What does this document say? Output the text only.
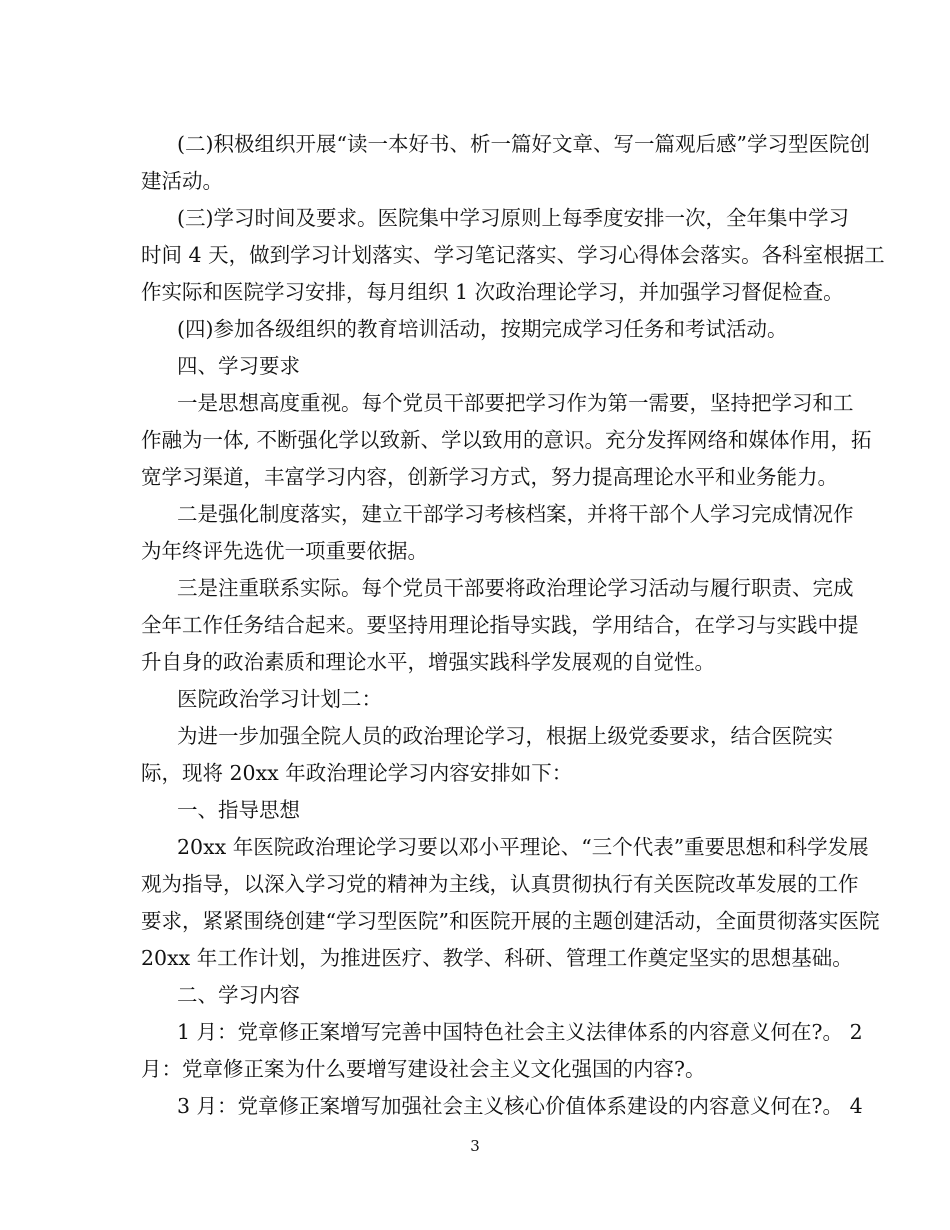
(二)积极组织开展“读一本好书、析一篇好文章、写一篇观后感”学习型医院创
建活动。
(三)学习时间及要求。医院集中学习原则上每季度安排一次，全年集中学习
时间 4 天，做到学习计划落实、学习笔记落实、学习心得体会落实。各科室根据工
作实际和医院学习安排，每月组织 1 次政治理论学习，并加强学习督促检查。
(四)参加各级组织的教育培训活动，按期完成学习任务和考试活动。
四、学习要求
一是思想高度重视。每个党员干部要把学习作为第一需要，坚持把学习和工
作融为一体, 不断强化学以致新、学以致用的意识。充分发挥网络和媒体作用，拓
宽学习渠道，丰富学习内容，创新学习方式，努力提高理论水平和业务能力。
二是强化制度落实，建立干部学习考核档案，并将干部个人学习完成情况作
为年终评先选优一项重要依据。
三是注重联系实际。每个党员干部要将政治理论学习活动与履行职责、完成
全年工作任务结合起来。要坚持用理论指导实践，学用结合，在学习与实践中提
升自身的政治素质和理论水平，增强实践科学发展观的自觉性。
医院政治学习计划二：
为进一步加强全院人员的政治理论学习，根据上级党委要求，结合医院实
际，现将 20xx 年政治理论学习内容安排如下：
一、指导思想
20xx 年医院政治理论学习要以邓小平理论、“三个代表”重要思想和科学发展
观为指导，以深入学习党的精神为主线，认真贯彻执行有关医院改革发展的工作
要求，紧紧围绕创建“学习型医院”和医院开展的主题创建活动，全面贯彻落实医院
20xx 年工作计划，为推进医疗、教学、科研、管理工作奠定坚实的思想基础。
二、学习内容
1 月：党章修正案增写完善中国特色社会主义法律体系的内容意义何在?。 2
月：党章修正案为什么要增写建设社会主义文化强国的内容?。
3 月：党章修正案增写加强社会主义核心价值体系建设的内容意义何在?。 4
3
